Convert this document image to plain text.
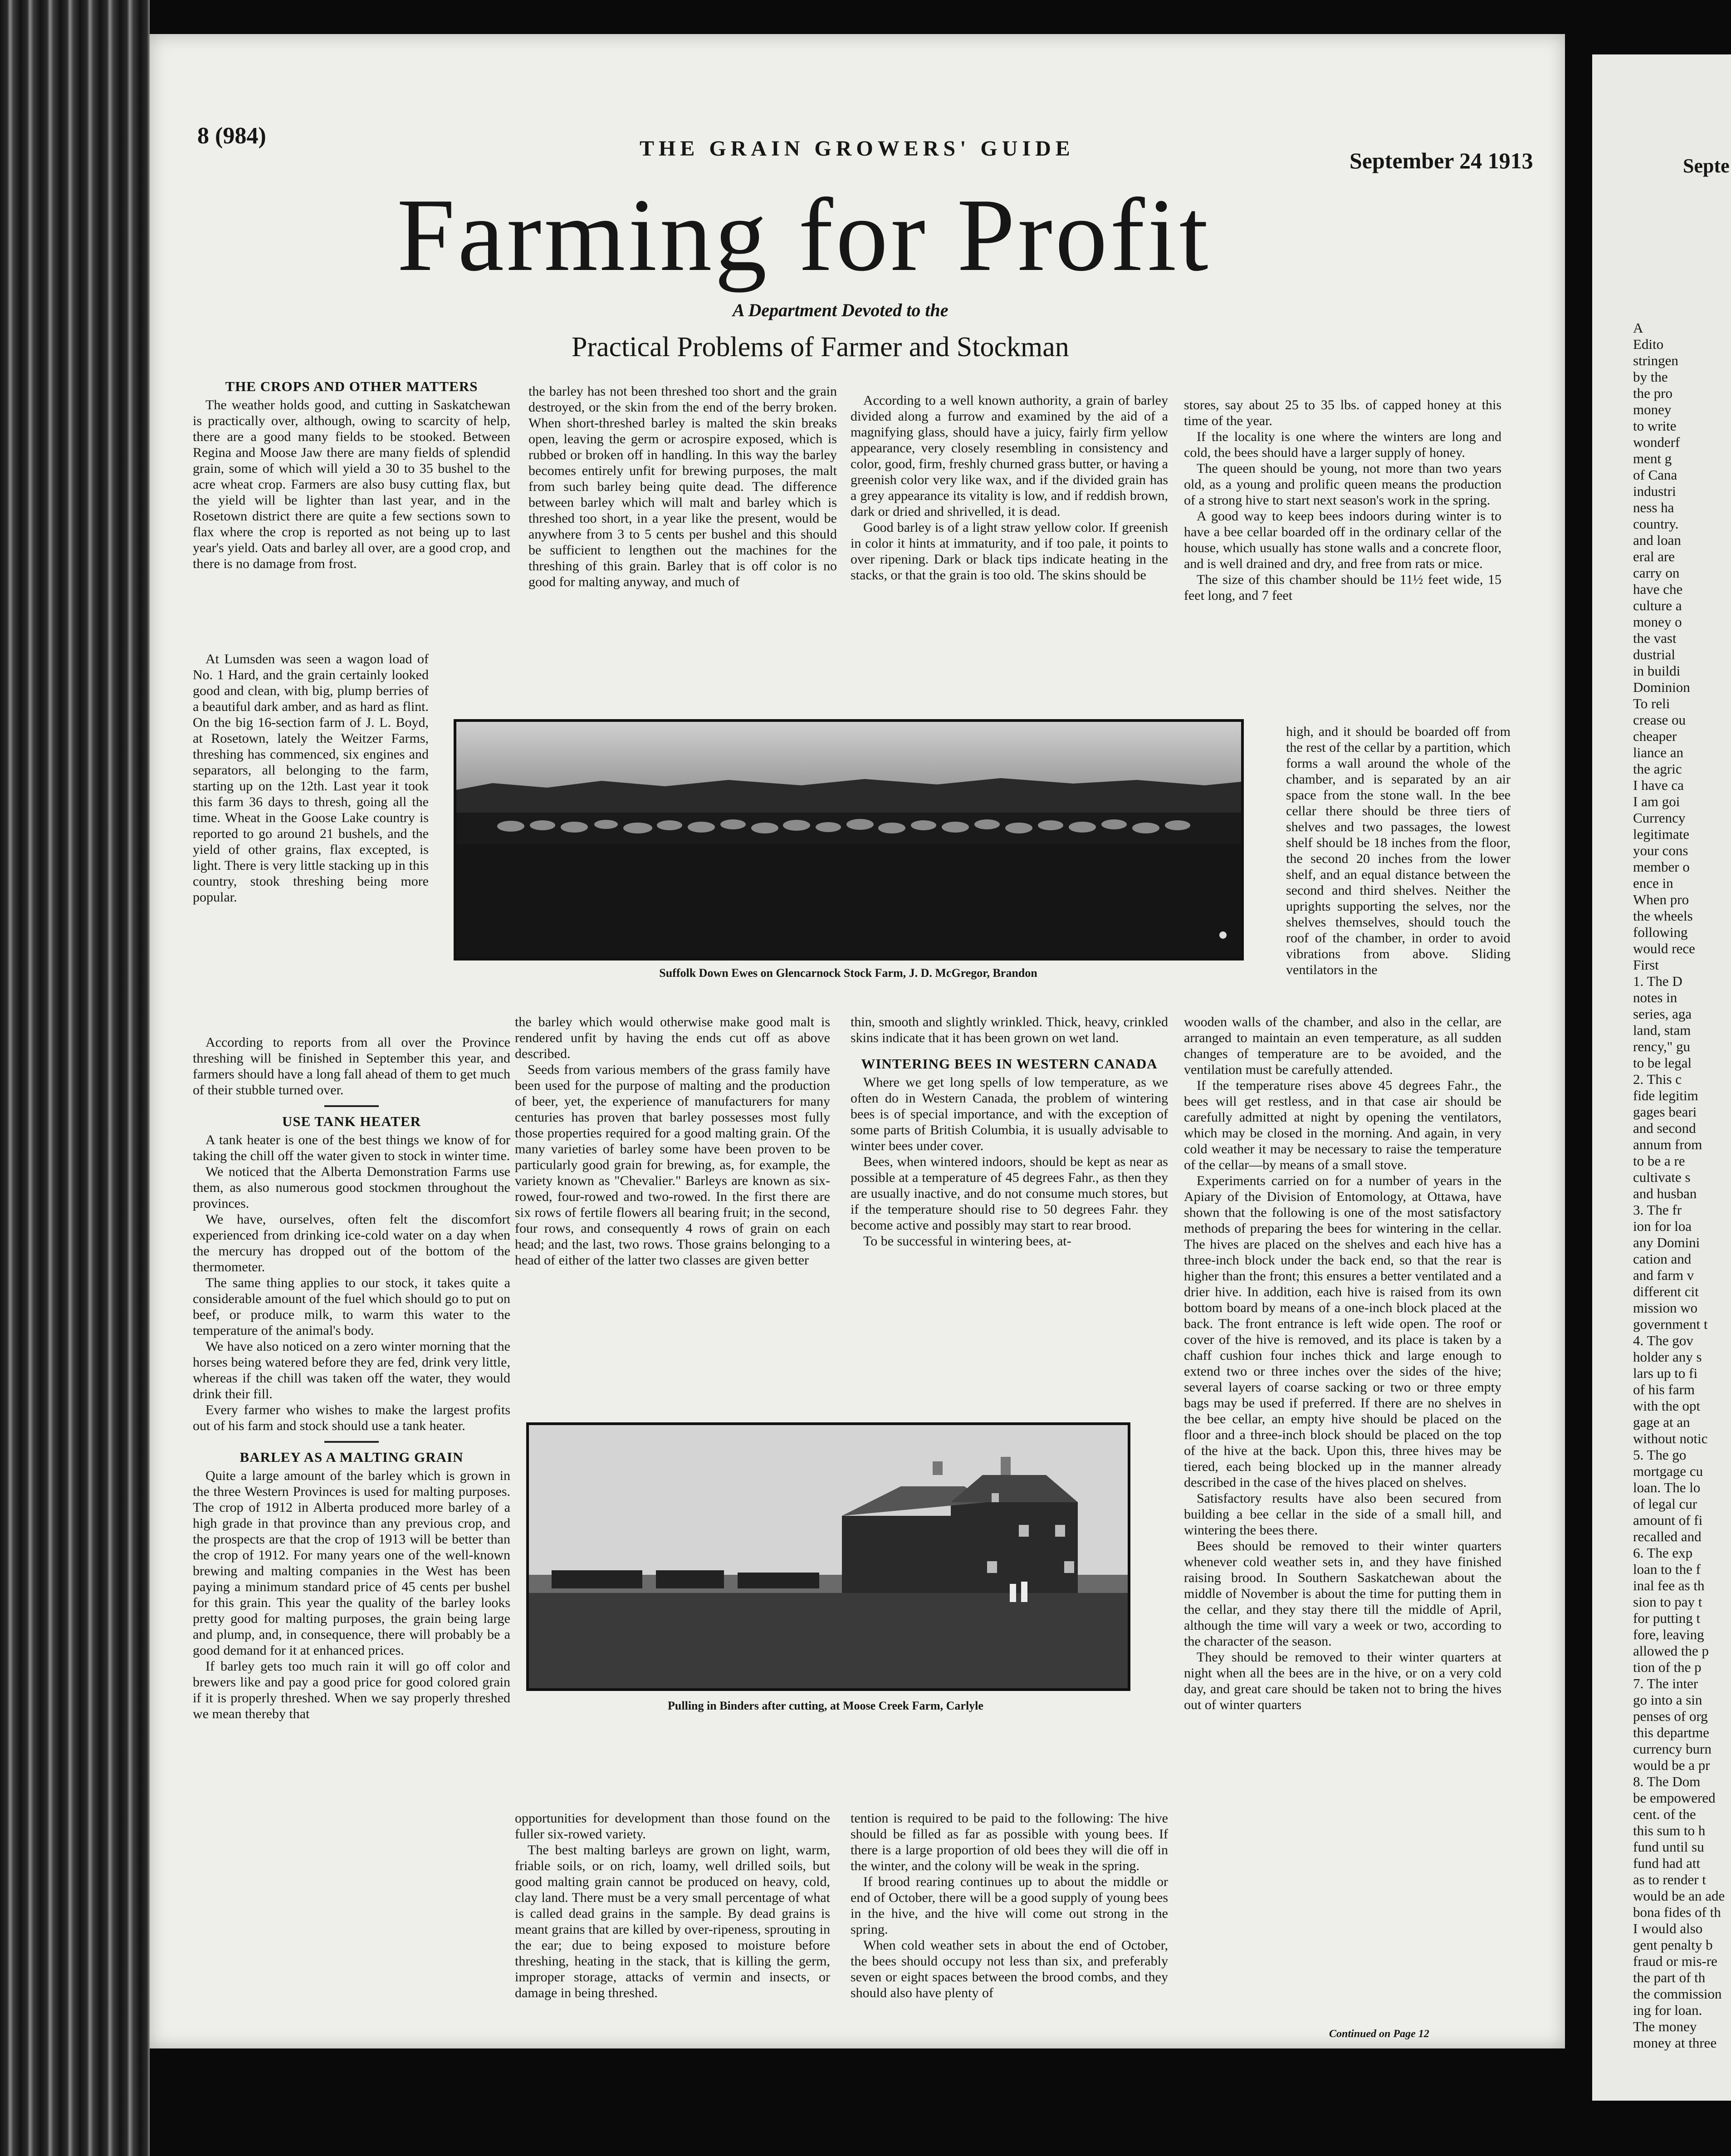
8 (984)	THE GRAIN GROWERS' GUIDE	September 24 1913
Farming for Profit
A Department Devoted to the
Practical Problems of Farmer and Stockman
THE CROPS AND OTHER MATTERS

The weather holds good, and cutting in Saskatchewan is practically over, although, owing to scarcity of help, there are a good many fields to be stooked. Between Regina and Moose Jaw there are many fields of splendid grain, some of which will yield a 30 to 35 bushel to the acre wheat crop. Farmers are also busy cutting flax, but the yield will be lighter than last year, and in the Rosetown district there are quite a few sections sown to flax where the crop is reported as not being up to last year's yield. Oats and barley all over, are a good crop, and there is no damage from frost.

At Lumsden was seen a wagon load of No. 1 Hard, and the grain certainly looked good and clean, with big, plump berries of a beautiful dark amber, and as hard as flint. On the big 16-section farm of J. L. Boyd, at Rosetown, lately the Weitzer Farms, threshing has commenced, six engines and separators, all belonging to the farm, starting up on the 12th. Last year it took this farm 36 days to thresh, going all the time. Wheat in the Goose Lake country is reported to go around 21 bushels, and the yield of other grains, flax excepted, is light. There is very little stacking up in this country, stook threshing being more popular.

According to reports from all over the Province threshing will be finished in September this year, and farmers should have a long fall ahead of them to get much of their stubble turned over.

USE TANK HEATER

A tank heater is one of the best things we know of for taking the chill off the water given to stock in winter time.

We noticed that the Alberta Demonstration Farms use them, as also numerous good stockmen throughout the provinces.

We have, ourselves, often felt the discomfort experienced from drinking ice-cold water on a day when the mercury has dropped out of the bottom of the thermometer.

The same thing applies to our stock, it takes quite a considerable amount of the fuel which should go to put on beef, or produce milk, to warm this water to the temperature of the animal's body.

We have also noticed on a zero winter morning that the horses being watered before they are fed, drink very little, whereas if the chill was taken off the water, they would drink their fill.

Every farmer who wishes to make the largest profits out of his farm and stock should use a tank heater.

BARLEY AS A MALTING GRAIN

Quite a large amount of the barley which is grown in the three Western Provinces is used for malting purposes. The crop of 1912 in Alberta produced more barley of a high grade in that province than any previous crop, and the prospects are that the crop of 1913 will be better than the crop of 1912. For many years one of the well-known brewing and malting companies in the West has been paying a minimum standard price of 45 cents per bushel for this grain. This year the quality of the barley looks pretty good for malting purposes, the grain being large and plump, and, in consequence, there will probably be a good demand for it at enhanced prices.

If barley gets too much rain it will go off color and brewers like and pay a good price for good colored grain if it is properly threshed. When we say properly threshed we mean thereby that

the barley has not been threshed too short and the grain destroyed, or the skin from the end of the berry broken. When short-threshed barley is malted the skin breaks open, leaving the germ or acrospire exposed, which is rubbed or broken off in handling. In this way the barley becomes entirely unfit for brewing purposes, the malt from such barley being quite dead. The difference between barley which will malt and barley which is threshed too short, in a year like the present, would be anywhere from 3 to 5 cents per bushel and this should be sufficient to lengthen out the machines for the threshing of this grain. Barley that is off color is no good for malting anyway, and much of

the barley which would otherwise make good malt is rendered unfit by having the ends cut off as above described.

Seeds from various members of the grass family have been used for the purpose of malting and the production of beer, yet, the experience of manufacturers for many centuries has proven that barley possesses most fully those properties required for a good malting grain. Of the many varieties of barley some have been proven to be particularly good grain for brewing, as, for example, the variety known as "Chevalier." Barleys are known as six-rowed, four-rowed and two-rowed. In the first there are six rows of fertile flowers all bearing fruit; in the second, four rows, and consequently 4 rows of grain on each head; and the last, two rows. Those grains belonging to a head of either of the latter two classes are given better

opportunities for development than those found on the fuller six-rowed variety.

The best malting barleys are grown on light, warm, friable soils, or on rich, loamy, well drilled soils, but good malting grain cannot be produced on heavy, cold, clay land. There must be a very small percentage of what is called dead grains in the sample. By dead grains is meant grains that are killed by over-ripeness, sprouting in the ear; due to being exposed to moisture before threshing, heating in the stack, that is killing the germ, improper storage, attacks of vermin and insects, or damage in being threshed.

According to a well known authority, a grain of barley divided along a furrow and examined by the aid of a magnifying glass, should have a juicy, fairly firm yellow appearance, very closely resembling in consistency and color, good, firm, freshly churned grass butter, or having a greenish color very like wax, and if the divided grain has a grey appearance its vitality is low, and if reddish brown, dark or dried and shrivelled, it is dead.

Good barley is of a light straw yellow color. If greenish in color it hints at immaturity, and if too pale, it points to over ripening. Dark or black tips indicate heating in the stacks, or that the grain is too old. The skins should be

thin, smooth and slightly wrinkled. Thick, heavy, crinkled skins indicate that it has been grown on wet land.

WINTERING BEES IN WESTERN CANADA

Where we get long spells of low temperature, as we often do in Western Canada, the problem of wintering bees is of special importance, and with the exception of some parts of British Columbia, it is usually advisable to winter bees under cover.

Bees, when wintered indoors, should be kept as near as possible at a temperature of 45 degrees Fahr., as then they are usually inactive, and do not consume much stores, but if the temperature should rise to 50 degrees Fahr. they become active and possibly may start to rear brood.

To be successful in wintering bees, at-

tention is required to be paid to the following: The hive should be filled as far as possible with young bees. If there is a large proportion of old bees they will die off in the winter, and the colony will be weak in the spring.

If brood rearing continues up to about the middle or end of October, there will be a good supply of young bees in the hive, and the hive will come out strong in the spring.

When cold weather sets in about the end of October, the bees should occupy not less than six, and preferably seven or eight spaces between the brood combs, and they should also have plenty of

stores, say about 25 to 35 lbs. of capped honey at this time of the year.

If the locality is one where the winters are long and cold, the bees should have a larger supply of honey.

The queen should be young, not more than two years old, as a young and prolific queen means the production of a strong hive to start next season's work in the spring.

A good way to keep bees indoors during winter is to have a bee cellar boarded off in the ordinary cellar of the house, which usually has stone walls and a concrete floor, and is well drained and dry, and free from rats or mice.

The size of this chamber should be 11½ feet wide, 15 feet long, and 7 feet

high, and it should be boarded off from the rest of the cellar by a partition, which forms a wall around the whole of the chamber, and is separated by an air space from the stone wall. In the bee cellar there should be three tiers of shelves and two passages, the lowest shelf should be 18 inches from the floor, the second 20 inches from the lower shelf, and an equal distance between the second and third shelves. Neither the uprights supporting the selves, nor the shelves themselves, should touch the roof of the chamber, in order to avoid vibrations from above. Sliding ventilators in the

wooden walls of the chamber, and also in the cellar, are arranged to maintain an even temperature, as all sudden changes of temperature are to be avoided, and the ventilation must be carefully attended.

If the temperature rises above 45 degrees Fahr., the bees will get restless, and in that case air should be carefully admitted at night by opening the ventilators, which may be closed in the morning. And again, in very cold weather it may be necessary to raise the temperature of the cellar—by means of a small stove.

Experiments carried on for a number of years in the Apiary of the Division of Entomology, at Ottawa, have shown that the following is one of the most satisfactory methods of preparing the bees for wintering in the cellar. The hives are placed on the shelves and each hive has a three-inch block under the back end, so that the rear is higher than the front; this ensures a better ventilated and a drier hive. In addition, each hive is raised from its own bottom board by means of a one-inch block placed at the back. The front entrance is left wide open. The roof or cover of the hive is removed, and its place is taken by a chaff cushion four inches thick and large enough to extend two or three inches over the sides of the hive; several layers of coarse sacking or two or three empty bags may be used if preferred. If there are no shelves in the bee cellar, an empty hive should be placed on the floor and a three-inch block should be placed on the top of the hive at the back. Upon this, three hives may be tiered, each being blocked up in the manner already described in the case of the hives placed on shelves.

Satisfactory results have also been secured from building a bee cellar in the side of a small hill, and wintering the bees there.

Bees should be removed to their winter quarters whenever cold weather sets in, and they have finished raising brood. In Southern Saskatchewan about the middle of November is about the time for putting them in the cellar, and they stay there till the middle of April, although the time will vary a week or two, according to the character of the season.

They should be removed to their winter quarters at night when all the bees are in the hive, or on a very cold day, and great care should be taken not to bring the hives out of winter quarters

Suffolk Down Ewes on Glencarnock Stock Farm, J. D. McGregor, Brandon
Pulling in Binders after cutting, at Moose Creek Farm, Carlyle
Continued on Page 12
Septe
A
Edito
stringen
by the
the pro
money
to write
wonderf
ment g
of Cana
industri
ness ha
country.
and loan
eral are
carry on
have che
culture a
money o
the vast
dustrial
in buildi
Dominion
To reli
crease ou
cheaper
liance an
the agric
I have ca
I am goi
Currency
legitimate
your cons
member o
ence in
When pro
the wheels
following
would rece
First
1. The D
notes in
series, aga
land, stam
rency," gu
to be legal
2. This c
fide legitim
gages beari
and second
annum from
to be a re
cultivate s
and husban
3. The fr
ion for loa
any Domini
cation and
and farm v
different cit
mission wo
government t
4. The gov
holder any s
lars up to fi
of his farm
with the opt
gage at an
without notic
5. The go
mortgage cu
loan. The lo
of legal cur
amount of fi
recalled and
6. The exp
loan to the f
inal fee as th
sion to pay t
for putting t
fore, leaving
allowed the p
tion of the p
7. The inter
go into a sin
penses of org
this departme
currency burn
would be a pr
8. The Dom
be empowered
cent. of the
this sum to h
fund until su
fund had att
as to render t
would be an ade
bona fides of th
I would also
gent penalty b
fraud or mis-re
the part of th
the commission
ing for loan.
The money
money at three
